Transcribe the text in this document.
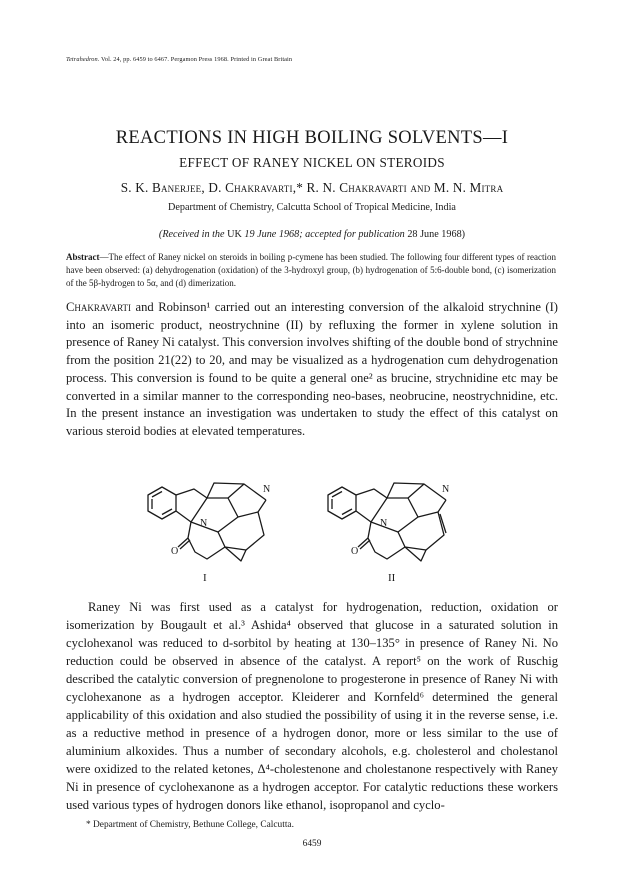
Tetrahedron. Vol. 24, pp. 6459 to 6467. Pergamon Press 1968. Printed in Great Britain
REACTIONS IN HIGH BOILING SOLVENTS—I
EFFECT OF RANEY NICKEL ON STEROIDS
S. K. Banerjee, D. Chakravarti,* R. N. Chakravarti and M. N. Mitra
Department of Chemistry, Calcutta School of Tropical Medicine, India
(Received in the UK 19 June 1968; accepted for publication 28 June 1968)
Abstract—The effect of Raney nickel on steroids in boiling p-cymene has been studied. The following four different types of reaction have been observed: (a) dehydrogenation (oxidation) of the 3-hydroxyl group, (b) hydrogenation of 5:6-double bond, (c) isomerization of the 5β-hydrogen to 5α, and (d) dimerization.
Chakravarti and Robinson¹ carried out an interesting conversion of the alkaloid strychnine (I) into an isomeric product, neostrychnine (II) by refluxing the former in xylene solution in presence of Raney Ni catalyst. This conversion involves shifting of the double bond of strychnine from the position 21(22) to 20, and may be visualized as a hydrogenation cum dehydrogenation process. This conversion is found to be quite a general one² as brucine, strychnidine etc may be converted in a similar manner to the corresponding neo-bases, neobrucine, neostrychnidine, etc. In the present instance an investigation was undertaken to study the effect of this catalyst on various steroid bodies at elevated temperatures.
N
N
O
N
N
O
I	II
Raney Ni was first used as a catalyst for hydrogenation, reduction, oxidation or isomerization by Bougault et al.³ Ashida⁴ observed that glucose in a saturated solution in cyclohexanol was reduced to d-sorbitol by heating at 130–135° in presence of Raney Ni. No reduction could be observed in absence of the catalyst. A report⁵ on the work of Ruschig described the catalytic conversion of pregnenolone to progesterone in presence of Raney Ni with cyclohexanone as a hydrogen acceptor. Kleiderer and Kornfeld⁶ determined the general applicability of this oxidation and also studied the possibility of using it in the reverse sense, i.e. as a reductive method in presence of a hydrogen donor, more or less similar to the use of aluminium alkoxides. Thus a number of secondary alcohols, e.g. cholesterol and cholestanol were oxidized to the related ketones, Δ⁴-cholestenone and cholestanone respectively with Raney Ni in presence of cyclohexanone as a hydrogen acceptor. For catalytic reductions these workers used various types of hydrogen donors like ethanol, isopropanol and cyclo-
* Department of Chemistry, Bethune College, Calcutta.
6459
